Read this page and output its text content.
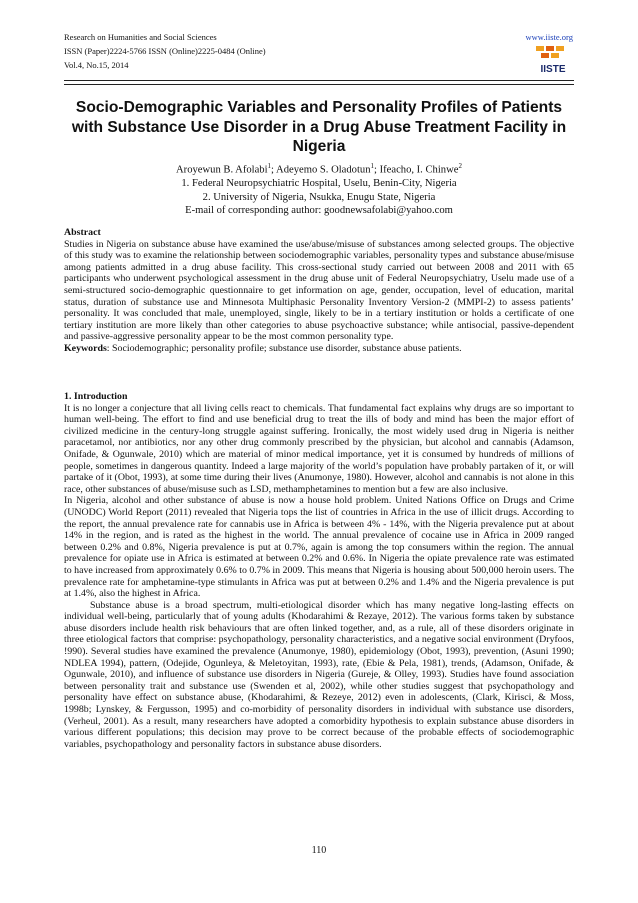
Research on Humanities and Social Sciences
ISSN (Paper)2224-5766 ISSN (Online)2225-0484 (Online)
Vol.4, No.15, 2014
www.iiste.org
IISTE
Socio-Demographic Variables and Personality Profiles of Patients with Substance Use Disorder in a Drug Abuse Treatment Facility in Nigeria
Aroyewun B. Afolabi$^1$; Adeyemo S. Oladotun$^1$; Ifeacho, I. Chinwe$^2$
1. Federal Neuropsychiatric Hospital, Uselu, Benin-City, Nigeria
2. University of Nigeria, Nsukka, Enugu State, Nigeria
E-mail of corresponding author: goodnewsafolabi@yahoo.com

Abstract

Studies in Nigeria on substance abuse have examined the use/abuse/misuse of substances among selected groups. The objective of this study was to examine the relationship between sociodemographic variables, personality types and substance abuse/misuse among patients admitted in a drug abuse facility. This cross-sectional study carried out between 2008 and 2011 with 65 participants who underwent psychological assessment in the drug abuse unit of Federal Neuropsychiatry, Uselu made use of a semi-structured socio-demographic questionnaire to get information on age, gender, occupation, level of education, marital status, duration of substance use and Minnesota Multiphasic Personality Inventory Version-2 (MMPI-2) to assess patients’ personality. It was concluded that male, unemployed, single, likely to be in a tertiary institution or holds a certificate of one tertiary institution are more likely than other categories to abuse psychoactive substance; while antisocial, passive-dependent and passive-aggressive personality appear to be the most common personality type.

Keywords: Sociodemographic; personality profile; substance use disorder, substance abuse patients.

1. Introduction

It is no longer a conjecture that all living cells react to chemicals. That fundamental fact explains why drugs are so important to human well-being. The effort to find and use beneficial drug to treat the ills of body and mind has been the major effort of civilized medicine in the century-long struggle against suffering. Ironically, the most widely used drug in Nigeria is neither paracetamol, nor antibiotics, nor any other drug commonly prescribed by the physician, but alcohol and cannabis (Adamson, Onifade, & Ogunwale, 2010) which are material of minor medical importance, yet it is consumed by hundreds of millions of people, sometimes in dangerous quantity. Indeed a large majority of the world’s population have probably partaken of it, or will partake of it (Obot, 1993), at some time during their lives (Anumonye, 1980). However, alcohol and cannabis is not alone in this race, other substances of abuse/misuse such as LSD, methamphetamines to mention but a few are also inclusive.

In Nigeria, alcohol and other substance of abuse is now a house hold problem. United Nations Office on Drugs and Crime (UNODC) World Report (2011) revealed that Nigeria tops the list of countries in Africa in the use of illicit drugs. According to the report, the annual prevalence rate for cannabis use in Africa is between 4% - 14%, with the Nigeria prevalence put at about 14% in the region, and is rated as the highest in the world. The annual prevalence of cocaine use in Africa in 2009 ranged between 0.2% and 0.8%, Nigeria prevalence is put at 0.7%, again is among the top consumers within the region. The annual prevalence for opiate use in Africa is estimated at between 0.2% and 0.6%. In Nigeria the opiate prevalence rate was estimated to have increased from approximately 0.6% to 0.7% in 2009. This means that Nigeria is housing about 500,000 heroin users. The prevalence rate for amphetamine-type stimulants in Africa was put at between 0.2% and 1.4% and the Nigeria prevalence is put at 1.4%, also the highest in Africa.

Substance abuse is a broad spectrum, multi-etiological disorder which has many negative long-lasting effects on individual well-being, particularly that of young adults (Khodarahimi & Rezaye, 2012). The various forms taken by substance abuse disorders include health risk behaviours that are often linked together, and, as a rule, all of these disorders originate in three etiological factors that comprise: psychopathology, personality characteristics, and a negative social environment (Dryfoos, !990). Several studies have examined the prevalence (Anumonye, 1980), epidemiology (Obot, 1993), prevention, (Asuni 1990; NDLEA 1994), pattern, (Odejide, Ogunleya, & Meletoyitan, 1993), rate, (Ebie & Pela, 1981), trends, (Adamson, Onifade, & Ogunwale, 2010), and influence of substance use disorders in Nigeria (Gureje, & Olley, 1993). Studies have found association between personality trait and substance use (Swenden et al, 2002), while other studies suggest that psychopathology and personality have effect on substance abuse, (Khodarahimi, & Rezeye, 2012) even in adolescents, (Clark, Kirisci, & Moss, 1998b; Lynskey, & Fergusson, 1995) and co-morbidity of personality disorders in individual with substance use disorders, (Verheul, 2001). As a result, many researchers have adopted a comorbidity hypothesis to explain substance abuse disorders in various different populations; this decision may prove to be correct because of the probable effects of sociodemographic variables, psychopathology and personality factors in substance abuse disorders.

110
